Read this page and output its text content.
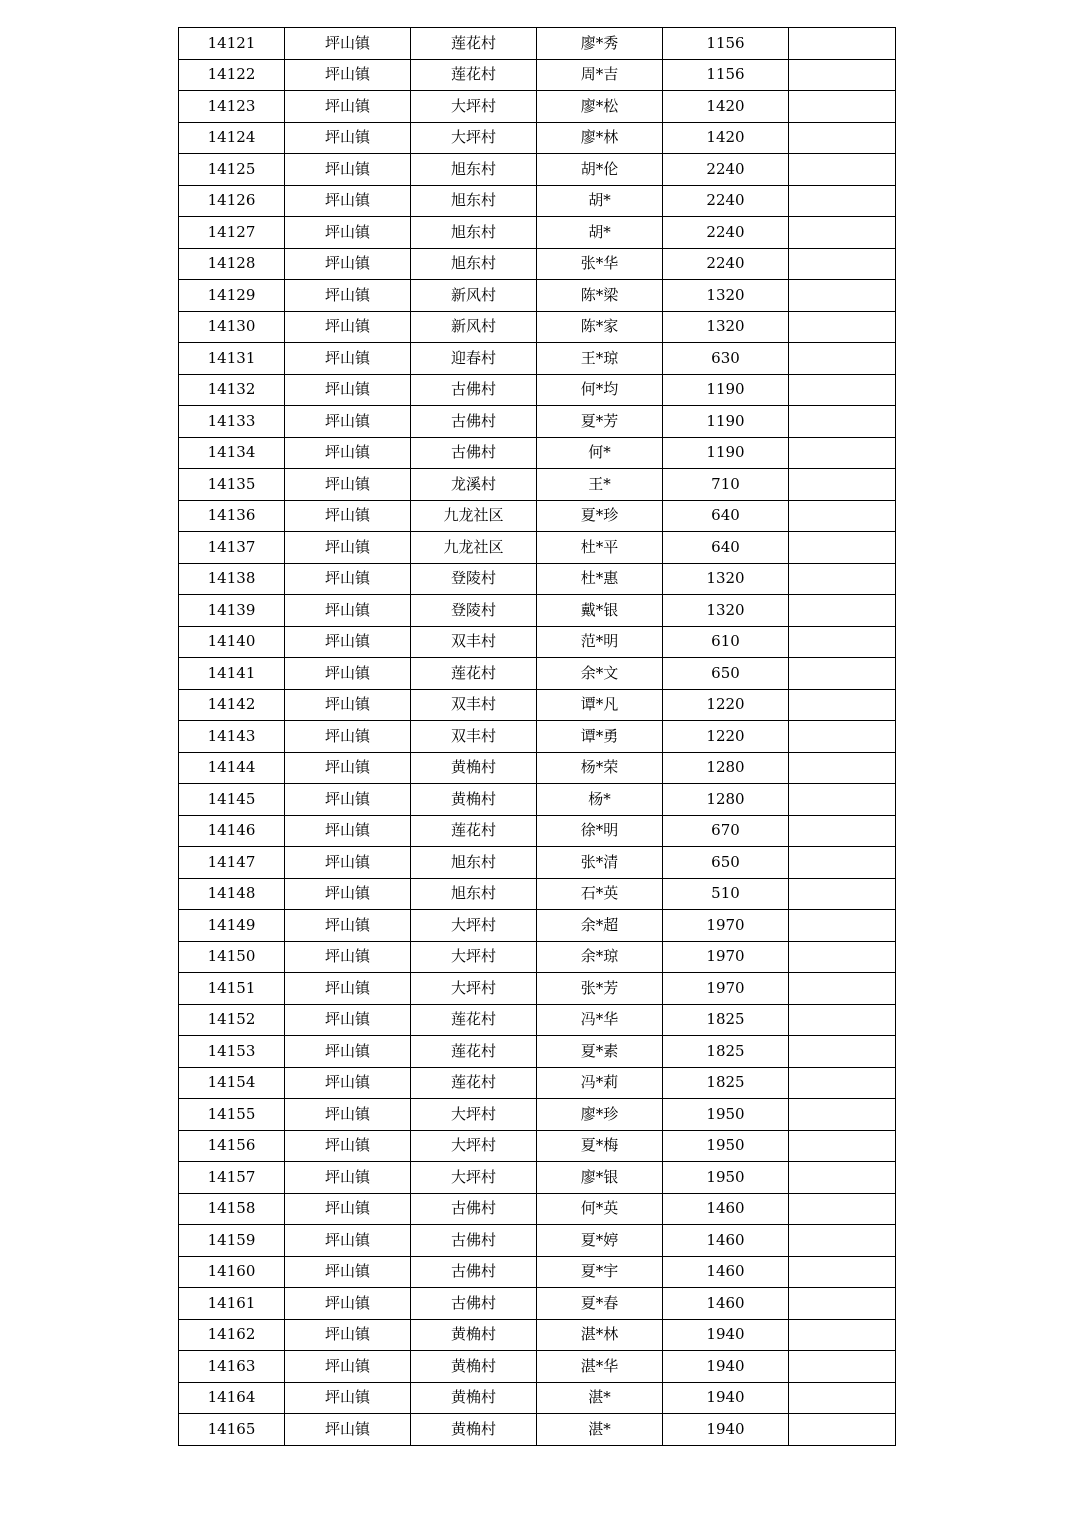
14121	坪山镇	莲花村	廖*秀	1156	
14122	坪山镇	莲花村	周*吉	1156	
14123	坪山镇	大坪村	廖*松	1420	
14124	坪山镇	大坪村	廖*林	1420	
14125	坪山镇	旭东村	胡*伦	2240	
14126	坪山镇	旭东村	胡*	2240	
14127	坪山镇	旭东村	胡*	2240	
14128	坪山镇	旭东村	张*华	2240	
14129	坪山镇	新风村	陈*梁	1320	
14130	坪山镇	新风村	陈*家	1320	
14131	坪山镇	迎春村	王*琼	630	
14132	坪山镇	古佛村	何*均	1190	
14133	坪山镇	古佛村	夏*芳	1190	
14134	坪山镇	古佛村	何*	1190	
14135	坪山镇	龙溪村	王*	710	
14136	坪山镇	九龙社区	夏*珍	640	
14137	坪山镇	九龙社区	杜*平	640	
14138	坪山镇	登陵村	杜*惠	1320	
14139	坪山镇	登陵村	戴*银	1320	
14140	坪山镇	双丰村	范*明	610	
14141	坪山镇	莲花村	余*文	650	
14142	坪山镇	双丰村	谭*凡	1220	
14143	坪山镇	双丰村	谭*勇	1220	
14144	坪山镇	黄桷村	杨*荣	1280	
14145	坪山镇	黄桷村	杨*	1280	
14146	坪山镇	莲花村	徐*明	670	
14147	坪山镇	旭东村	张*清	650	
14148	坪山镇	旭东村	石*英	510	
14149	坪山镇	大坪村	余*超	1970	
14150	坪山镇	大坪村	余*琼	1970	
14151	坪山镇	大坪村	张*芳	1970	
14152	坪山镇	莲花村	冯*华	1825	
14153	坪山镇	莲花村	夏*素	1825	
14154	坪山镇	莲花村	冯*莉	1825	
14155	坪山镇	大坪村	廖*珍	1950	
14156	坪山镇	大坪村	夏*梅	1950	
14157	坪山镇	大坪村	廖*银	1950	
14158	坪山镇	古佛村	何*英	1460	
14159	坪山镇	古佛村	夏*婷	1460	
14160	坪山镇	古佛村	夏*宇	1460	
14161	坪山镇	古佛村	夏*春	1460	
14162	坪山镇	黄桷村	湛*林	1940	
14163	坪山镇	黄桷村	湛*华	1940	
14164	坪山镇	黄桷村	湛*	1940	
14165	坪山镇	黄桷村	湛*	1940	
